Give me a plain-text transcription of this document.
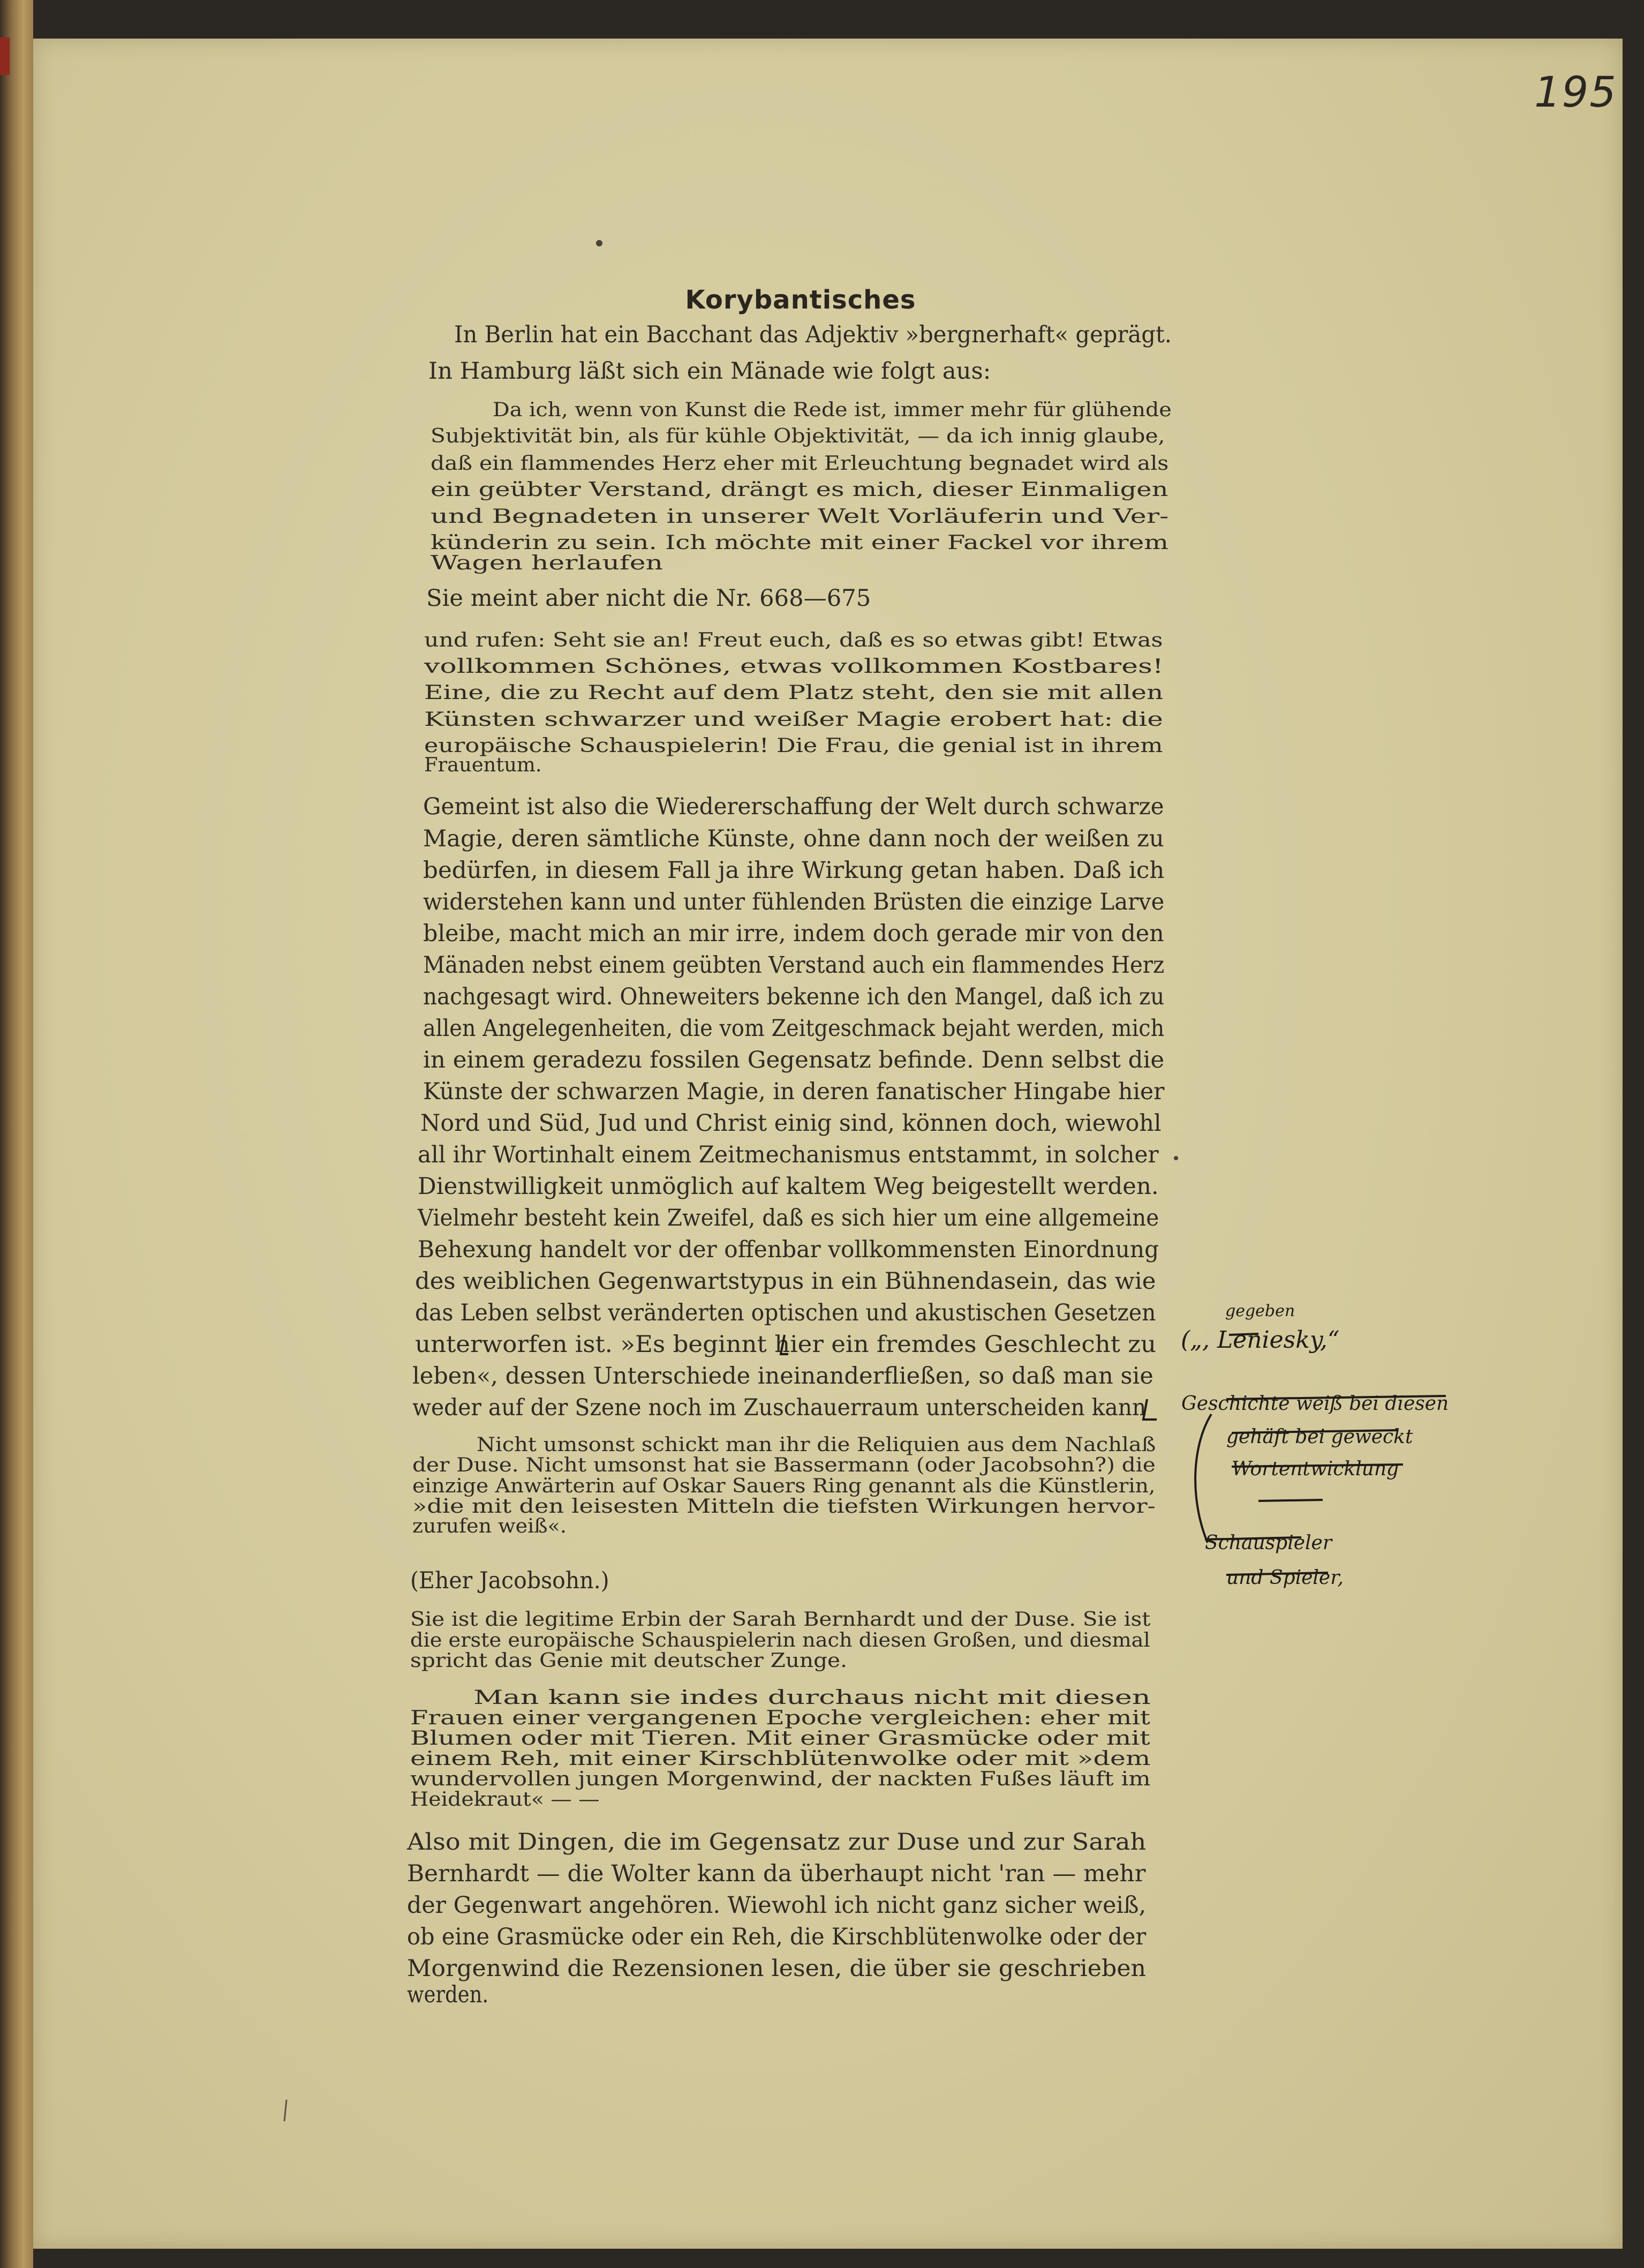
195
Korybantisches
In Berlin hat ein Bacchant das Adjektiv »bergnerhaft« geprägt.
In Hamburg läßt sich ein Mänade wie folgt aus:
Da ich, wenn von Kunst die Rede ist, immer mehr für glühende
Subjektivität bin, als für kühle Objektivität, — da ich innig glaube,
daß ein flammendes Herz eher mit Erleuchtung begnadet wird als
ein geübter Verstand, drängt es mich, dieser Einmaligen
und Begnadeten in unserer Welt Vorläuferin und Ver-
künderin zu sein. Ich möchte mit einer Fackel vor ihrem
Wagen herlaufen
Sie meint aber nicht die Nr. 668—675
und rufen: Seht sie an! Freut euch, daß es so etwas gibt! Etwas
vollkommen Schönes, etwas vollkommen Kostbares!
Eine, die zu Recht auf dem Platz steht, den sie mit allen
Künsten schwarzer und weißer Magie erobert hat: die
europäische Schauspielerin! Die Frau, die genial ist in ihrem
Frauentum.
Gemeint ist also die Wiedererschaffung der Welt durch schwarze
Magie, deren sämtliche Künste, ohne dann noch der weißen zu
bedürfen, in diesem Fall ja ihre Wirkung getan haben. Daß ich
widerstehen kann und unter fühlenden Brüsten die einzige Larve
bleibe, macht mich an mir irre, indem doch gerade mir von den
Mänaden nebst einem geübten Verstand auch ein flammendes Herz
nachgesagt wird. Ohneweiters bekenne ich den Mangel, daß ich zu
allen Angelegenheiten, die vom Zeitgeschmack bejaht werden, mich
in einem geradezu fossilen Gegensatz befinde. Denn selbst die
Künste der schwarzen Magie, in deren fanatischer Hingabe hier
Nord und Süd, Jud und Christ einig sind, können doch, wiewohl
all ihr Wortinhalt einem Zeitmechanismus entstammt, in solcher
Dienstwilligkeit unmöglich auf kaltem Weg beigestellt werden.
Vielmehr besteht kein Zweifel, daß es sich hier um eine allgemeine
Behexung handelt vor der offenbar vollkommensten Einordnung
des weiblichen Gegenwartstypus in ein Bühnendasein, das wie
das Leben selbst veränderten optischen und akustischen Gesetzen
unterworfen ist. »Es beginnt hier ein fremdes Geschlecht zu
leben«, dessen Unterschiede ineinanderfließen, so daß man sie
weder auf der Szene noch im Zuschauerraum unterscheiden kann
Nicht umsonst schickt man ihr die Reliquien aus dem Nachlaß
der Duse. Nicht umsonst hat sie Bassermann (oder Jacobsohn?) die
einzige Anwärterin auf Oskar Sauers Ring genannt als die Künstlerin,
»die mit den leisesten Mitteln die tiefsten Wirkungen hervor-
zurufen weiß«.
(Eher Jacobsohn.)
Sie ist die legitime Erbin der Sarah Bernhardt und der Duse. Sie ist
die erste europäische Schauspielerin nach diesen Großen, und diesmal
spricht das Genie mit deutscher Zunge.
Man kann sie indes durchaus nicht mit diesen
Frauen einer vergangenen Epoche vergleichen: eher mit
Blumen oder mit Tieren. Mit einer Grasmücke oder mit
einem Reh, mit einer Kirschblütenwolke oder mit »dem
wundervollen jungen Morgenwind, der nackten Fußes läuft im
Heidekraut« — —
Also mit Dingen, die im Gegensatz zur Duse und zur Sarah
Bernhardt — die Wolter kann da überhaupt nicht 'ran — mehr
der Gegenwart angehören. Wiewohl ich nicht ganz sicher weiß,
ob eine Grasmücke oder ein Reh, die Kirschblütenwolke oder der
Morgenwind die Rezensionen lesen, die über sie geschrieben
werden.
gegeben
(„, Leniesky,“
Geschichte weiß bei diesen
gehäft bei geweckt
Wortentwicklung
Schauspieler
und Spieler,
